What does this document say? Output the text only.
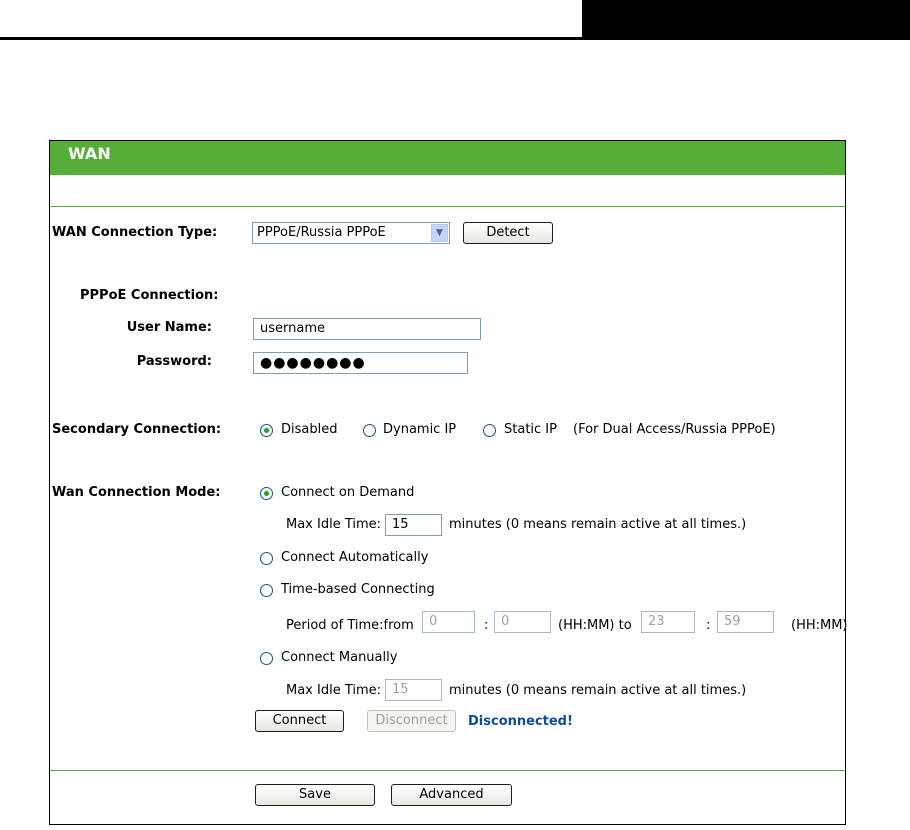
WAN
WAN Connection Type:	PPPoE/Russia PPPoE	▼	Detect
PPPoE Connection:
User Name:	username
Password:	●●●●●●●●
Secondary Connection:	Disabled	Dynamic IP	Static IP (For Dual Access/Russia PPPoE)
Wan Connection Mode:	Connect on Demand
Max Idle Time: 15	minutes (0 means remain active at all times.)
Connect Automatically
Time-based Connecting
Period of Time:from	0	: 0	(HH:MM) to	23	:	59	(HH:MM)
Connect Manually
Max Idle Time: 15	minutes (0 means remain active at all times.)
Connect	Disconnect	Disconnected!
Save	Advanced
